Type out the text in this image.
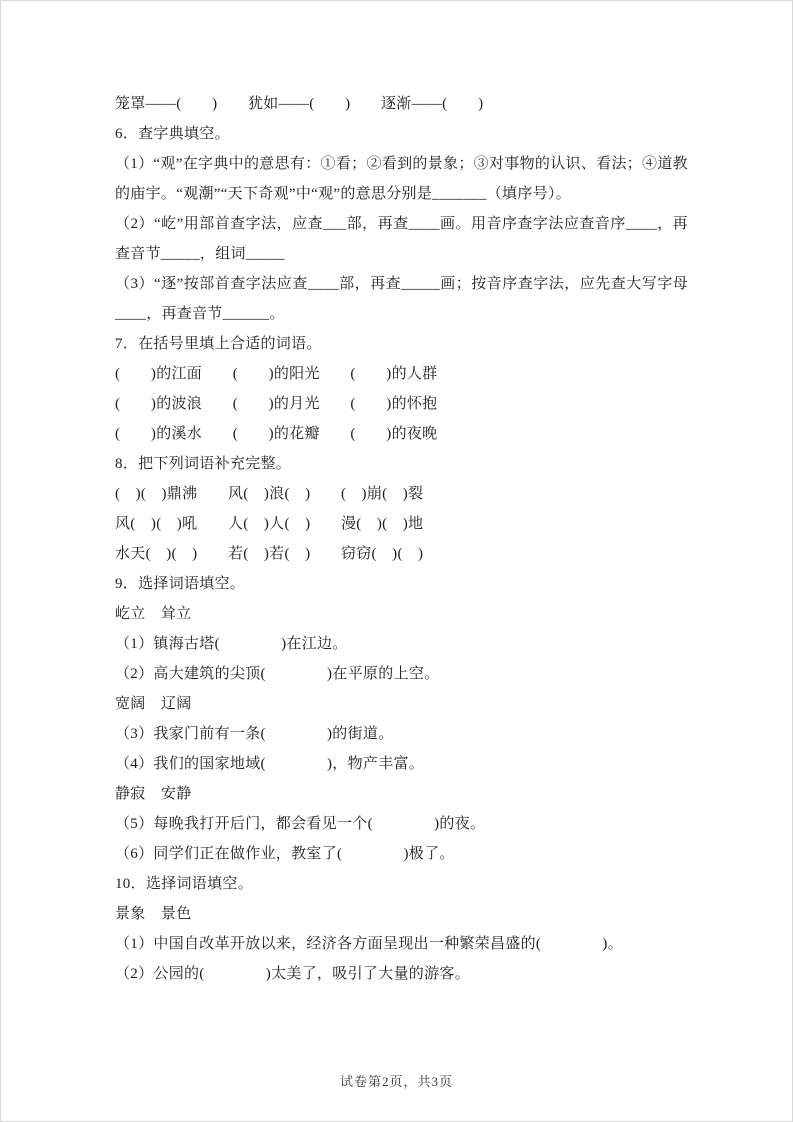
笼罩——(　　)　　犹如——(　　)　　逐渐——(　　)

6．查字典填空。

（1）“观”在字典中的意思有：①看；②看到的景象；③对事物的认识、看法；④道教的庙宇。“观潮”“天下奇观”中“观”的意思分别是_______（填序号）。

（2）“屹”用部首查字法，应查___部，再查____画。用音序查字法应查音序____，再查音节_____，组词_____

（3）“逐”按部首查字法应查____部，再查_____画；按音序查字法，应先查大写字母____，再查音节______。

7．在括号里填上合适的词语。

(　　)的江面　　(　　)的阳光　　(　　)的人群

(　　)的波浪　　(　　)的月光　　(　　)的怀抱

(　　)的溪水　　(　　)的花瓣　　(　　)的夜晚

8．把下列词语补充完整。

(　)(　)鼎沸　　风(　)浪(　)　　(　)崩(　)裂

风(　)(　)吼　　人(　)人(　)　　漫(　)(　)地

水天(　)(　)　　若(　)若(　)　　窃窃(　)(　)

9．选择词语填空。

屹立　耸立

（1）镇海古塔(　　　　)在江边。

（2）高大建筑的尖顶(　　　　)在平原的上空。

宽阔　辽阔

（3）我家门前有一条(　　　　)的街道。

（4）我们的国家地域(　　　　)，物产丰富。

静寂　安静

（5）每晚我打开后门，都会看见一个(　　　　)的夜。

（6）同学们正在做作业，教室了(　　　　)极了。

10．选择词语填空。

景象　景色

（1）中国自改革开放以来，经济各方面呈现出一种繁荣昌盛的(　　　　)。

（2）公园的(　　　　)太美了，吸引了大量的游客。

试卷第2页，共3页
